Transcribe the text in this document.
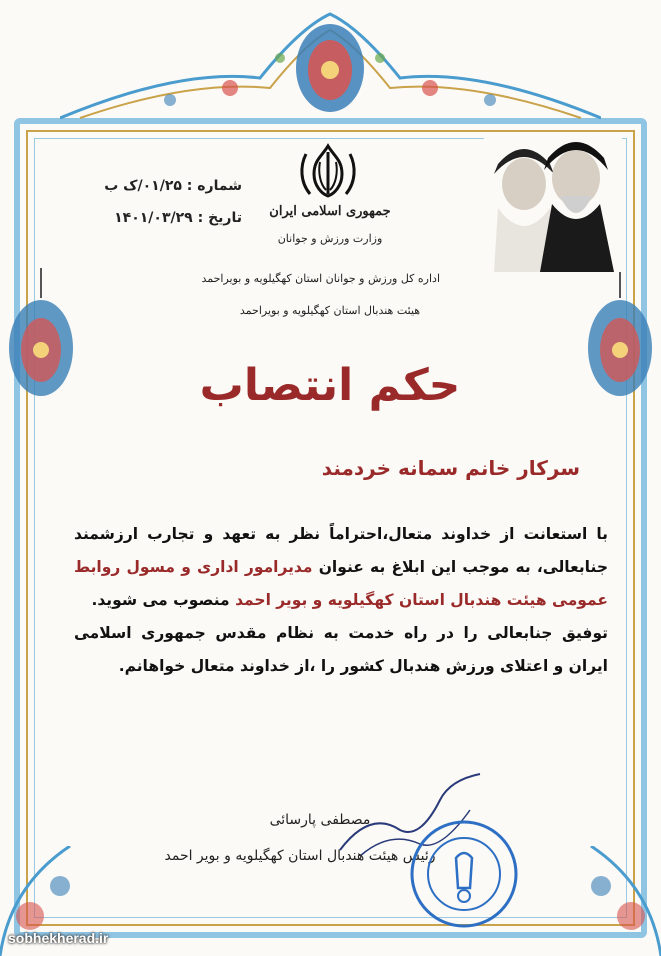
جمهوری اسلامی ایران
وزارت ورزش و جوانان
اداره کل ورزش و جوانان استان کهگیلویه و بویراحمد
هیئت هندبال استان کهگیلویه و بویراحمد
شماره : ۰۱/۲۵/ک ب
تاریخ : ۱۴۰۱/۰۳/۲۹
حکم انتصاب
سرکار خانم سمانه خردمند
با استعانت از خداوند متعال،احتراماً نظر به تعهد و تجارب ارزشمند جنابعالی، به موجب این ابلاغ به عنوان مدیرامور اداری و مسول روابط عمومی هیئت هندبال استان کهگیلویه و بویر احمد منصوب می شوید.
توفیق جنابعالی را در راه خدمت به نظام مقدس جمهوری اسلامی ایران و اعتلای ورزش هندبال کشور را ،از خداوند متعال خواهانم.
مصطفی پارسائی
رئیس هیئت هندبال استان کهگیلویه و بویر احمد
sobhekherad.ir
